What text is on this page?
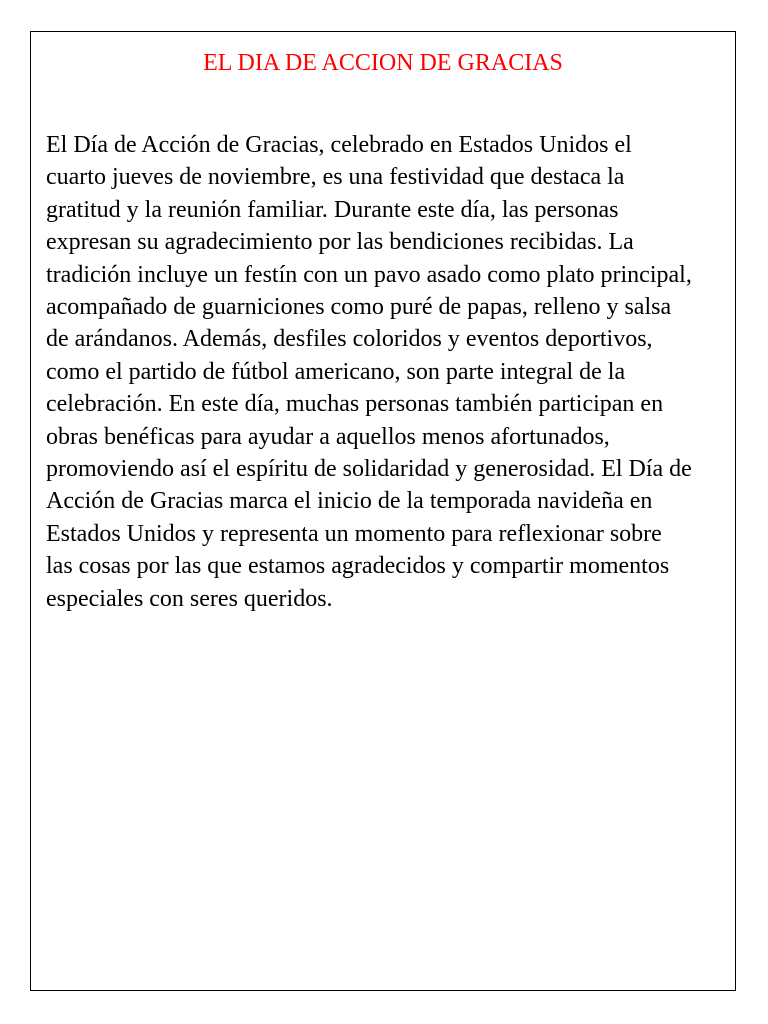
EL DIA DE ACCION DE GRACIAS
El Día de Acción de Gracias, celebrado en Estados Unidos el
cuarto jueves de noviembre, es una festividad que destaca la
gratitud y la reunión familiar. Durante este día, las personas
expresan su agradecimiento por las bendiciones recibidas. La
tradición incluye un festín con un pavo asado como plato principal,
acompañado de guarniciones como puré de papas, relleno y salsa
de arándanos. Además, desfiles coloridos y eventos deportivos,
como el partido de fútbol americano, son parte integral de la
celebración. En este día, muchas personas también participan en
obras benéficas para ayudar a aquellos menos afortunados,
promoviendo así el espíritu de solidaridad y generosidad. El Día de
Acción de Gracias marca el inicio de la temporada navideña en
Estados Unidos y representa un momento para reflexionar sobre
las cosas por las que estamos agradecidos y compartir momentos
especiales con seres queridos.
